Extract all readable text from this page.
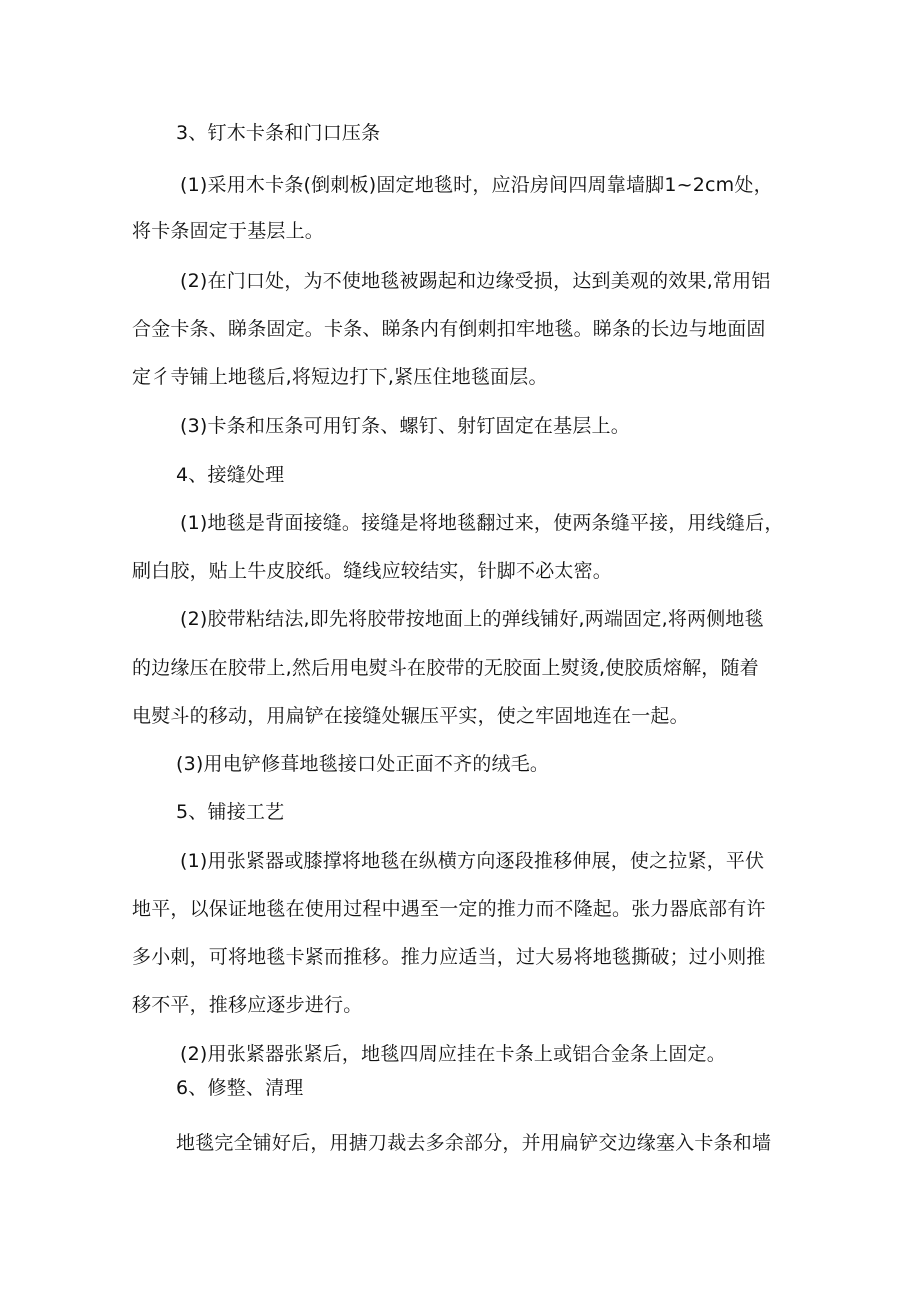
3、钉木卡条和门口压条

(1)采用木卡条(倒刺板)固定地毯时，应沿房间四周靠墙脚1~2cm处，

将卡条固定于基层上。

(2)在门口处，为不使地毯被踢起和边缘受损，达到美观的效果,常用铝

合金卡条、睇条固定。卡条、睇条内有倒刺扣牢地毯。睇条的长边与地面固

定彳寺铺上地毯后,将短边打下,紧压住地毯面层。

(3)卡条和压条可用钉条、螺钉、射钉固定在基层上。

4、接缝处理

(1)地毯是背面接缝。接缝是将地毯翻过来，使两条缝平接，用线缝后，

刷白胶，贴上牛皮胶纸。缝线应较结实，针脚不必太密。

(2)胶带粘结法,即先将胶带按地面上的弹线铺好,两端固定,将两侧地毯

的边缘压在胶带上,然后用电熨斗在胶带的无胶面上熨烫,使胶质熔解，随着

电熨斗的移动，用扁铲在接缝处辗压平实，使之牢固地连在一起。

(3)用电铲修葺地毯接口处正面不齐的绒毛。

5、铺接工艺

(1)用张紧器或膝撑将地毯在纵横方向逐段推移伸展，使之拉紧，平伏

地平，以保证地毯在使用过程中遇至一定的推力而不隆起。张力器底部有许

多小刺，可将地毯卡紧而推移。推力应适当，过大易将地毯撕破；过小则推

移不平，推移应逐步进行。

(2)用张紧器张紧后，地毯四周应挂在卡条上或铝合金条上固定。

6、修整、清理

地毯完全铺好后，用搪刀裁去多余部分，并用扁铲交边缘塞入卡条和墙
